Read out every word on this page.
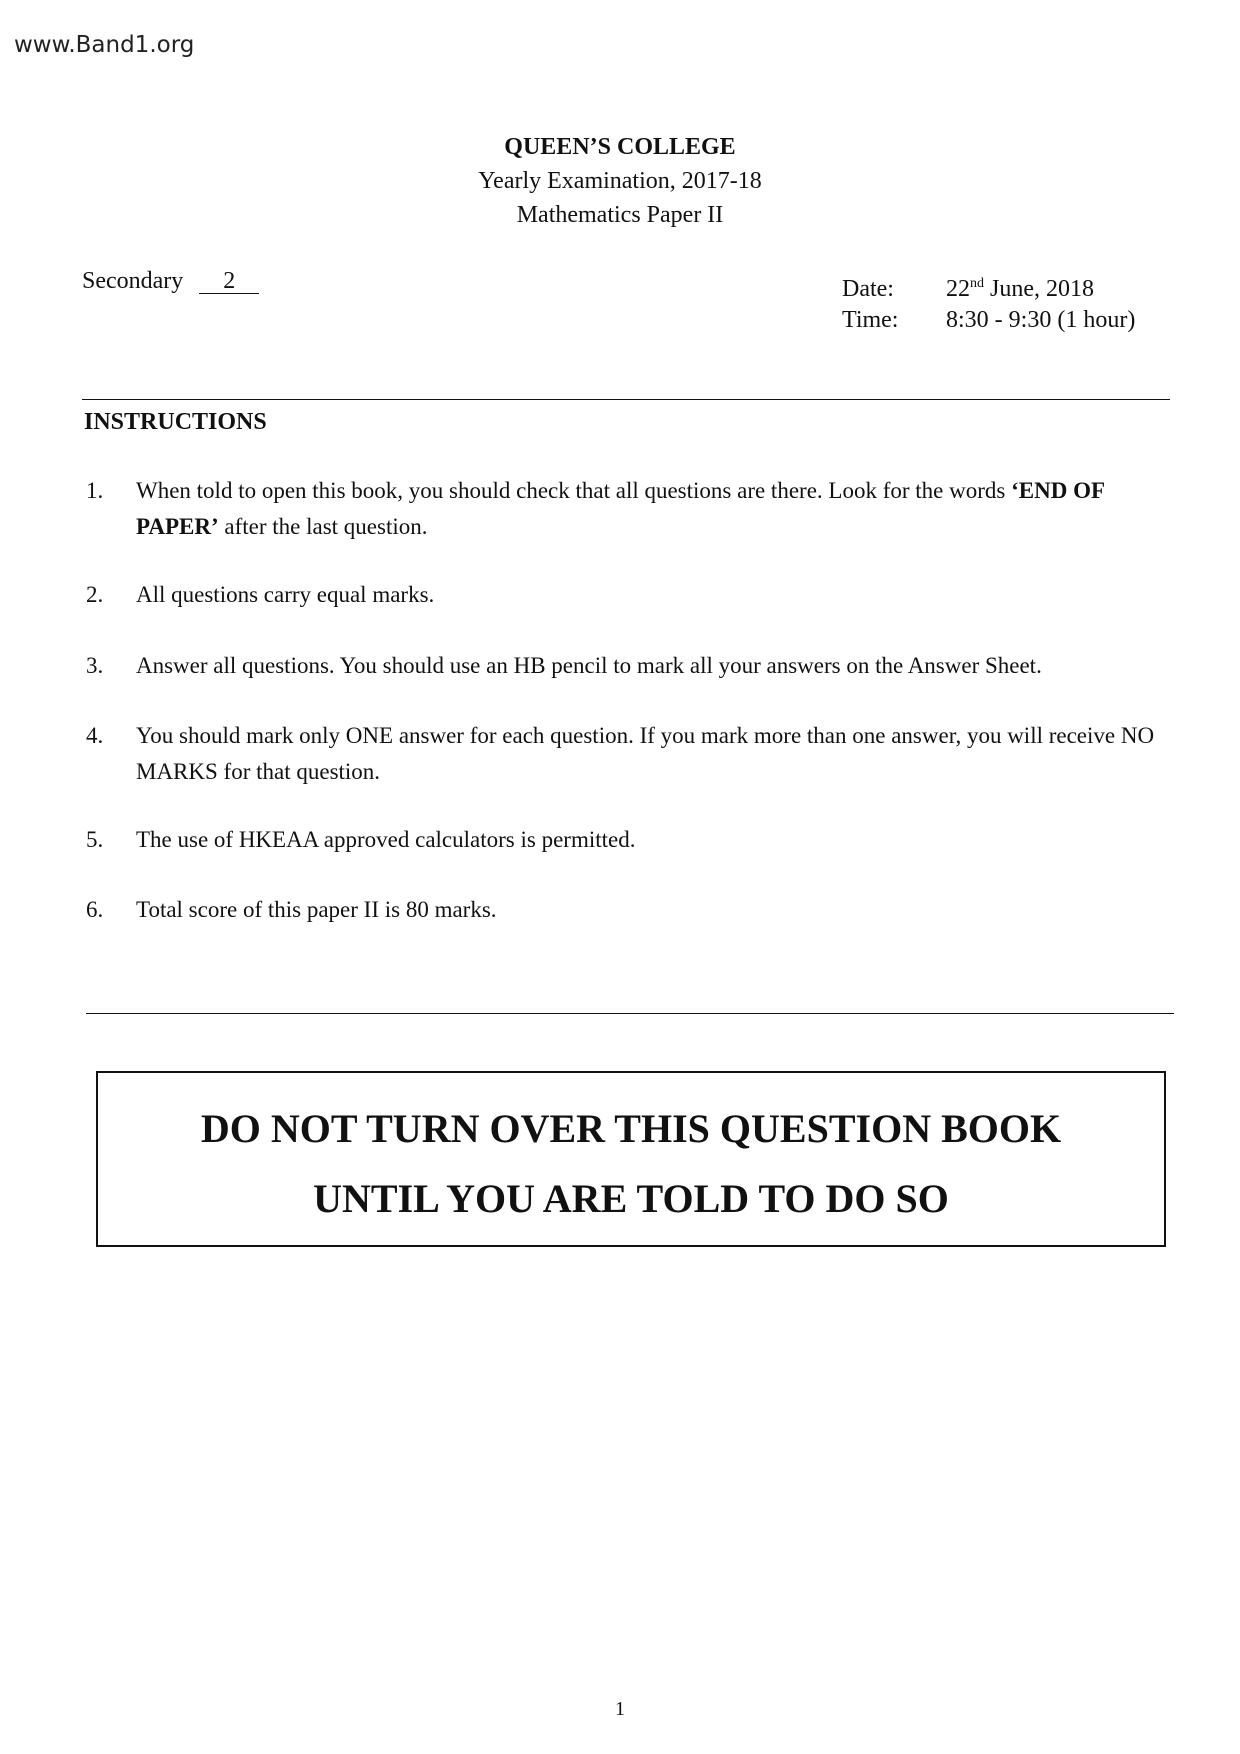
www.Band1.org
QUEEN’S COLLEGE
Yearly Examination, 2017-18
Mathematics Paper II
Secondary 2	Date: 22nd June, 2018
Time: 8:30 - 9:30 (1 hour)
INSTRUCTIONS
1. When told to open this book, you should check that all questions are there. Look for the words ‘END OF PAPER’ after the last question.
2. All questions carry equal marks.
3. Answer all questions. You should use an HB pencil to mark all your answers on the Answer Sheet.
4. You should mark only ONE answer for each question. If you mark more than one answer, you will receive NO MARKS for that question.
5. The use of HKEAA approved calculators is permitted.
6. Total score of this paper II is 80 marks.
DO NOT TURN OVER THIS QUESTION BOOK
UNTIL YOU ARE TOLD TO DO SO
1
